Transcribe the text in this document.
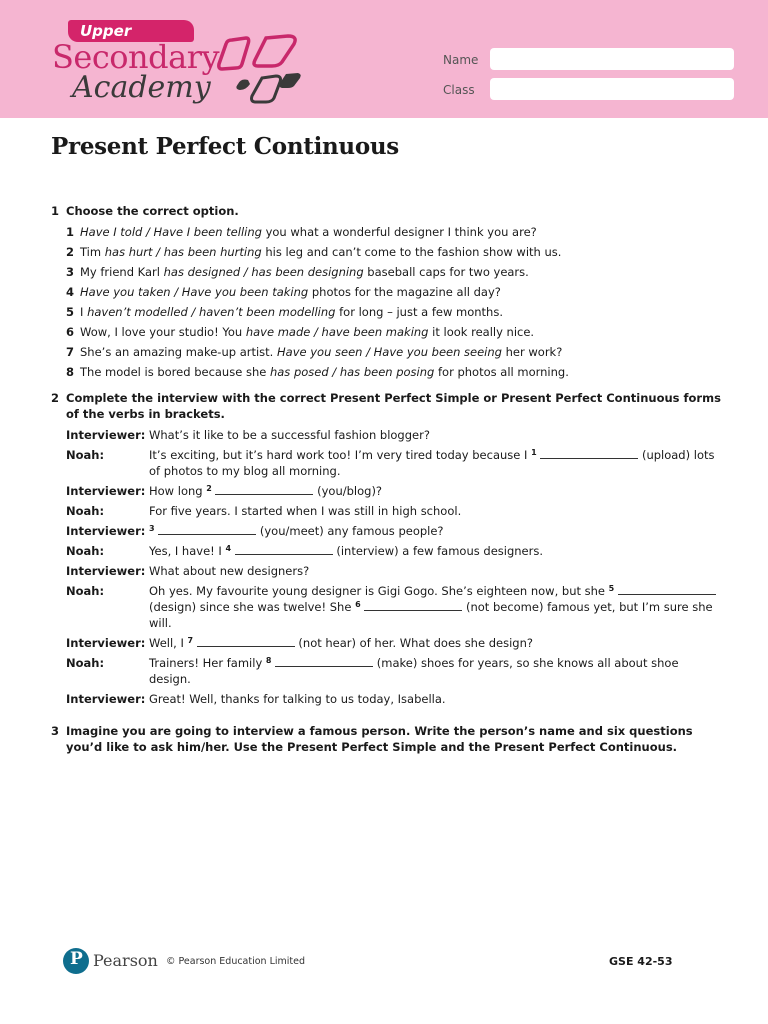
Upper
Secondary
Academy
Name
Class
Present Perfect Continuous
1 Choose the correct option.
1 Have I told / Have I been telling you what a wonderful designer I think you are?
2 Tim has hurt / has been hurting his leg and can’t come to the fashion show with us.
3 My friend Karl has designed / has been designing baseball caps for two years.
4 Have you taken / Have you been taking photos for the magazine all day?
5 I haven’t modelled / haven’t been modelling for long – just a few months.
6 Wow, I love your studio! You have made / have been making it look really nice.
7 She’s an amazing make-up artist. Have you seen / Have you been seeing her work?
8 The model is bored because she has posed / has been posing for photos all morning.
2 Complete the interview with the correct Present Perfect Simple or Present Perfect Continuous forms of the verbs in brackets.
Interviewer: What’s it like to be a successful fashion blogger?
Noah:	It’s exciting, but it’s hard work too! I’m very tired today because I $^1$	(upload) lots of photos to my blog all morning.
Interviewer: How long $^2$	(you/blog)?
Noah:	For five years. I started when I was still in high school.
Interviewer: $^3$	(you/meet) any famous people?
Noah:	Yes, I have! I $^4$	(interview) a few famous designers.
Interviewer: What about new designers?
Noah:	Oh yes. My favourite young designer is Gigi Gogo. She’s eighteen now, but she $^5$  (design) since she was twelve! She $^6$	(not become) famous yet, but I’m sure she will.
Interviewer: Well, I $^7$	(not hear) of her. What does she design?
Noah:	Trainers! Her family $^8$	(make) shoes for years, so she knows all about shoe design.
Interviewer: Great! Well, thanks for talking to us today, Isabella.
3 Imagine you are going to interview a famous person. Write the person’s name and six questions you’d like to ask him/her. Use the Present Perfect Simple and the Present Perfect Continuous.
P Pearson © Pearson Education Limited	GSE 42-53
